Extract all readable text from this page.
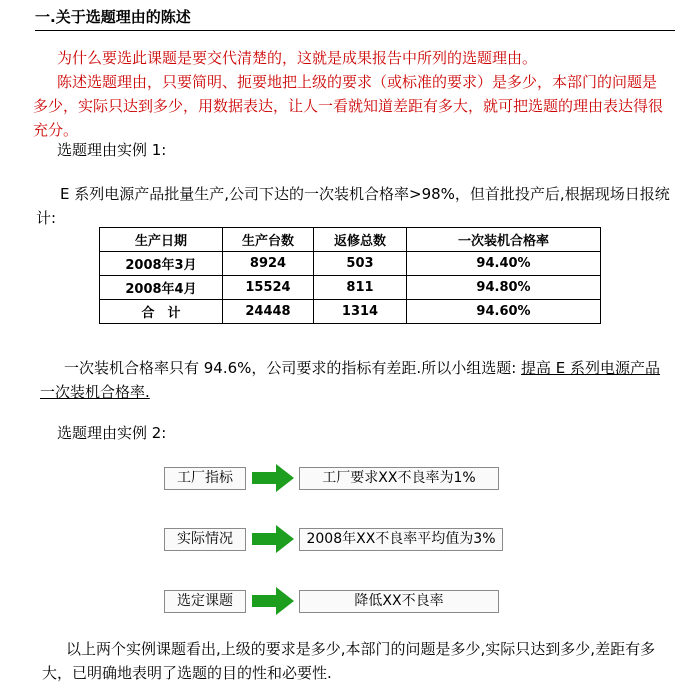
一.关于选题理由的陈述

为什么要选此课题是要交代清楚的，这就是成果报告中所列的选题理由。

陈述选题理由，只要简明、扼要地把上级的要求（或标准的要求）是多少，本部门的问题是多少，实际只达到多少，用数据表达，让人一看就知道差距有多大，就可把选题的理由表达得很充分。

选题理由实例 1:

E 系列电源产品批量生产,公司下达的一次装机合格率>98%，但首批投产后,根据现场日报统计:

生产日期	生产台数	返修总数	一次装机合格率
2008年3月	8924	503	94.40%
2008年4月	15524	811	94.80%
合　计	24448	1314	94.60%

一次装机合格率只有 94.6%，公司要求的指标有差距.所以小组选题: 提高 E 系列电源产品一次装机合格率.

选题理由实例 2:

工厂指标	工厂要求XX不良率为1%
实际情况	2008年XX不良率平均值为3%
选定课题	降低XX不良率

以上两个实例课题看出,上级的要求是多少,本部门的问题是多少,实际只达到多少,差距有多大，已明确地表明了选题的目的性和必要性.
